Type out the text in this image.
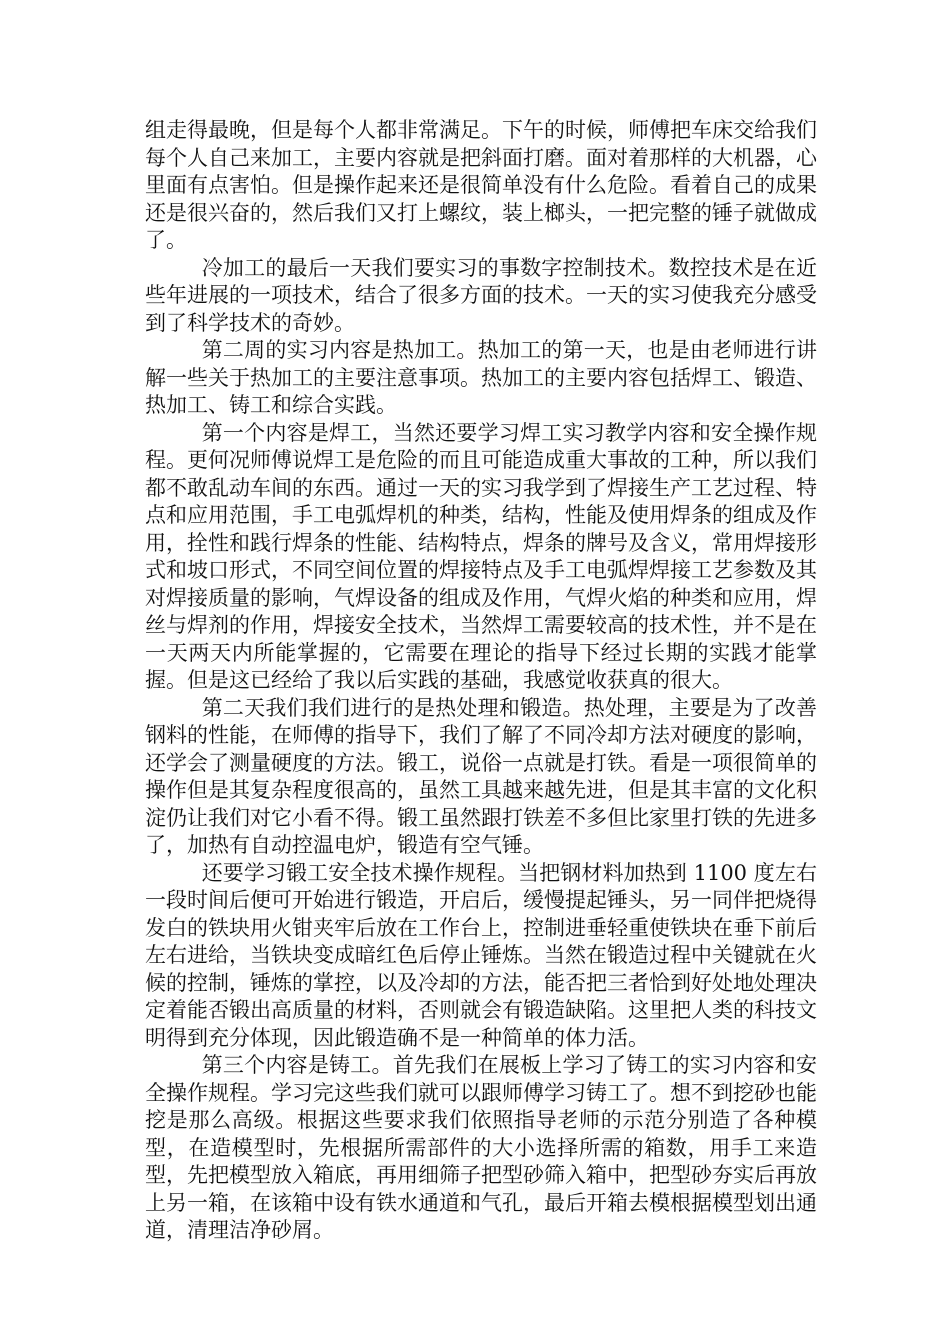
组走得最晚，但是每个人都非常满足。下午的时候，师傅把车床交给我们每个人自己来加工，主要内容就是把斜面打磨。面对着那样的大机器，心里面有点害怕。但是操作起来还是很简单没有什么危险。看着自己的成果还是很兴奋的，然后我们又打上螺纹，装上榔头，一把完整的锤子就做成了。

冷加工的最后一天我们要实习的事数字控制技术。数控技术是在近些年进展的一项技术，结合了很多方面的技术。一天的实习使我充分感受到了科学技术的奇妙。

第二周的实习内容是热加工。热加工的第一天，也是由老师进行讲解一些关于热加工的主要注意事项。热加工的主要内容包括焊工、锻造、热加工、铸工和综合实践。

第一个内容是焊工，当然还要学习焊工实习教学内容和安全操作规程。更何况师傅说焊工是危险的而且可能造成重大事故的工种，所以我们都不敢乱动车间的东西。通过一天的实习我学到了焊接生产工艺过程、特点和应用范围，手工电弧焊机的种类，结构，性能及使用焊条的组成及作用，拴性和践行焊条的性能、结构特点，焊条的牌号及含义，常用焊接形式和坡口形式，不同空间位置的焊接特点及手工电弧焊焊接工艺参数及其对焊接质量的影响，气焊设备的组成及作用，气焊火焰的种类和应用，焊丝与焊剂的作用，焊接安全技术，当然焊工需要较高的技术性，并不是在一天两天内所能掌握的，它需要在理论的指导下经过长期的实践才能掌握。但是这已经给了我以后实践的基础，我感觉收获真的很大。

第二天我们我们进行的是热处理和锻造。热处理，主要是为了改善钢料的性能，在师傅的指导下，我们了解了不同冷却方法对硬度的影响，还学会了测量硬度的方法。锻工，说俗一点就是打铁。看是一项很简单的操作但是其复杂程度很高的，虽然工具越来越先进，但是其丰富的文化积淀仍让我们对它小看不得。锻工虽然跟打铁差不多但比家里打铁的先进多了，加热有自动控温电炉，锻造有空气锤。

还要学习锻工安全技术操作规程。当把钢材料加热到 1100 度左右一段时间后便可开始进行锻造，开启后，缓慢提起锤头，另一同伴把烧得发白的铁块用火钳夹牢后放在工作台上，控制进垂轻重使铁块在垂下前后左右进给，当铁块变成暗红色后停止锤炼。当然在锻造过程中关键就在火候的控制，锤炼的掌控，以及冷却的方法，能否把三者恰到好处地处理决定着能否锻出高质量的材料，否则就会有锻造缺陷。这里把人类的科技文明得到充分体现，因此锻造确不是一种简单的体力活。

第三个内容是铸工。首先我们在展板上学习了铸工的实习内容和安全操作规程。学习完这些我们就可以跟师傅学习铸工了。想不到挖砂也能挖是那么高级。根据这些要求我们依照指导老师的示范分别造了各种模型，在造模型时，先根据所需部件的大小选择所需的箱数，用手工来造型，先把模型放入箱底，再用细筛子把型砂筛入箱中，把型砂夯实后再放上另一箱，在该箱中设有铁水通道和气孔，最后开箱去模根据模型划出通道，清理洁净砂屑。
